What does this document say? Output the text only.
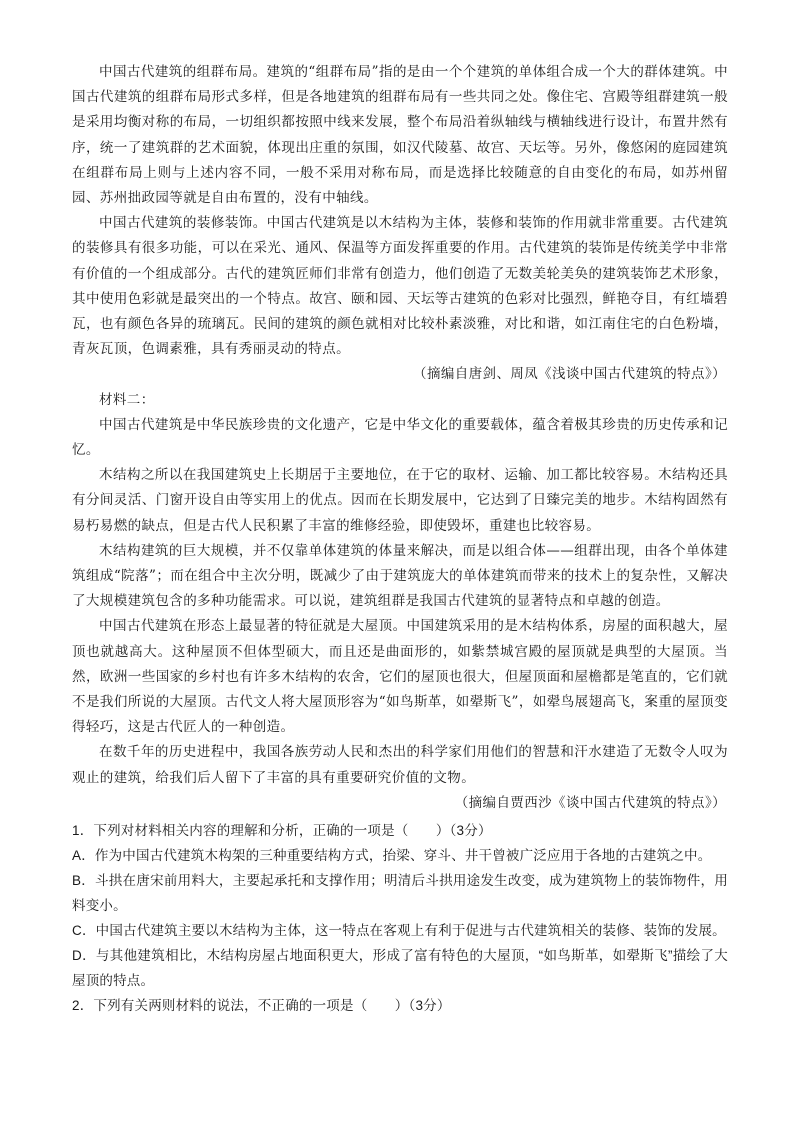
中国古代建筑的组群布局。建筑的“组群布局”指的是由一个个建筑的单体组合成一个大的群体建筑。中国古代建筑的组群布局形式多样，但是各地建筑的组群布局有一些共同之处。像住宅、宫殿等组群建筑一般是采用均衡对称的布局，一切组织都按照中线来发展，整个布局沿着纵轴线与横轴线进行设计，布置井然有序，统一了建筑群的艺术面貌，体现出庄重的氛围，如汉代陵墓、故宫、天坛等。另外，像悠闲的庭园建筑在组群布局上则与上述内容不同，一般不采用对称布局，而是选择比较随意的自由变化的布局，如苏州留园、苏州拙政园等就是自由布置的，没有中轴线。

中国古代建筑的装修装饰。中国古代建筑是以木结构为主体，装修和装饰的作用就非常重要。古代建筑的装修具有很多功能，可以在采光、通风、保温等方面发挥重要的作用。古代建筑的装饰是传统美学中非常有价值的一个组成部分。古代的建筑匠师们非常有创造力，他们创造了无数美轮美奂的建筑装饰艺术形象，其中使用色彩就是最突出的一个特点。故宫、颐和园、天坛等古建筑的色彩对比强烈，鲜艳夺目，有红墙碧瓦，也有颜色各异的琉璃瓦。民间的建筑的颜色就相对比较朴素淡雅，对比和谐，如江南住宅的白色粉墙，青灰瓦顶，色调素雅，具有秀丽灵动的特点。

（摘编自唐剑、周凤《浅谈中国古代建筑的特点》）

材料二：

中国古代建筑是中华民族珍贵的文化遗产，它是中华文化的重要载体，蕴含着极其珍贵的历史传承和记忆。

木结构之所以在我国建筑史上长期居于主要地位，在于它的取材、运输、加工都比较容易。木结构还具有分间灵活、门窗开设自由等实用上的优点。因而在长期发展中，它达到了日臻完美的地步。木结构固然有易朽易燃的缺点，但是古代人民积累了丰富的维修经验，即使毁坏，重建也比较容易。

木结构建筑的巨大规模，并不仅靠单体建筑的体量来解决，而是以组合体——组群出现，由各个单体建筑组成“院落”；而在组合中主次分明，既减少了由于建筑庞大的单体建筑而带来的技术上的复杂性，又解决了大规模建筑包含的多种功能需求。可以说，建筑组群是我国古代建筑的显著特点和卓越的创造。

中国古代建筑在形态上最显著的特征就是大屋顶。中国建筑采用的是木结构体系，房屋的面积越大，屋顶也就越高大。这种屋顶不但体型硕大，而且还是曲面形的，如紫禁城宫殿的屋顶就是典型的大屋顶。当然，欧洲一些国家的乡村也有许多木结构的农舍，它们的屋顶也很大，但屋顶面和屋檐都是笔直的，它们就不是我们所说的大屋顶。古代文人将大屋顶形容为“如鸟斯革，如翚斯飞”，如翚鸟展翅高飞，案重的屋顶变得轻巧，这是古代匠人的一种创造。

在数千年的历史进程中，我国各族劳动人民和杰出的科学家们用他们的智慧和汗水建造了无数令人叹为观止的建筑，给我们后人留下了丰富的具有重要研究价值的文物。

（摘编自贾西沙《谈中国古代建筑的特点》）

1．下列对材料相关内容的理解和分析，正确的一项是（　　）（3分）

A．作为中国古代建筑木构架的三种重要结构方式，抬梁、穿斗、井干曾被广泛应用于各地的古建筑之中。

B．斗拱在唐宋前用料大，主要起承托和支撑作用；明清后斗拱用途发生改变，成为建筑物上的装饰物件，用料变小。

C．中国古代建筑主要以木结构为主体，这一特点在客观上有利于促进与古代建筑相关的装修、装饰的发展。

D．与其他建筑相比，木结构房屋占地面积更大，形成了富有特色的大屋顶，“如鸟斯革，如翚斯飞”描绘了大屋顶的特点。

2．下列有关两则材料的说法，不正确的一项是（　　）（3分）
